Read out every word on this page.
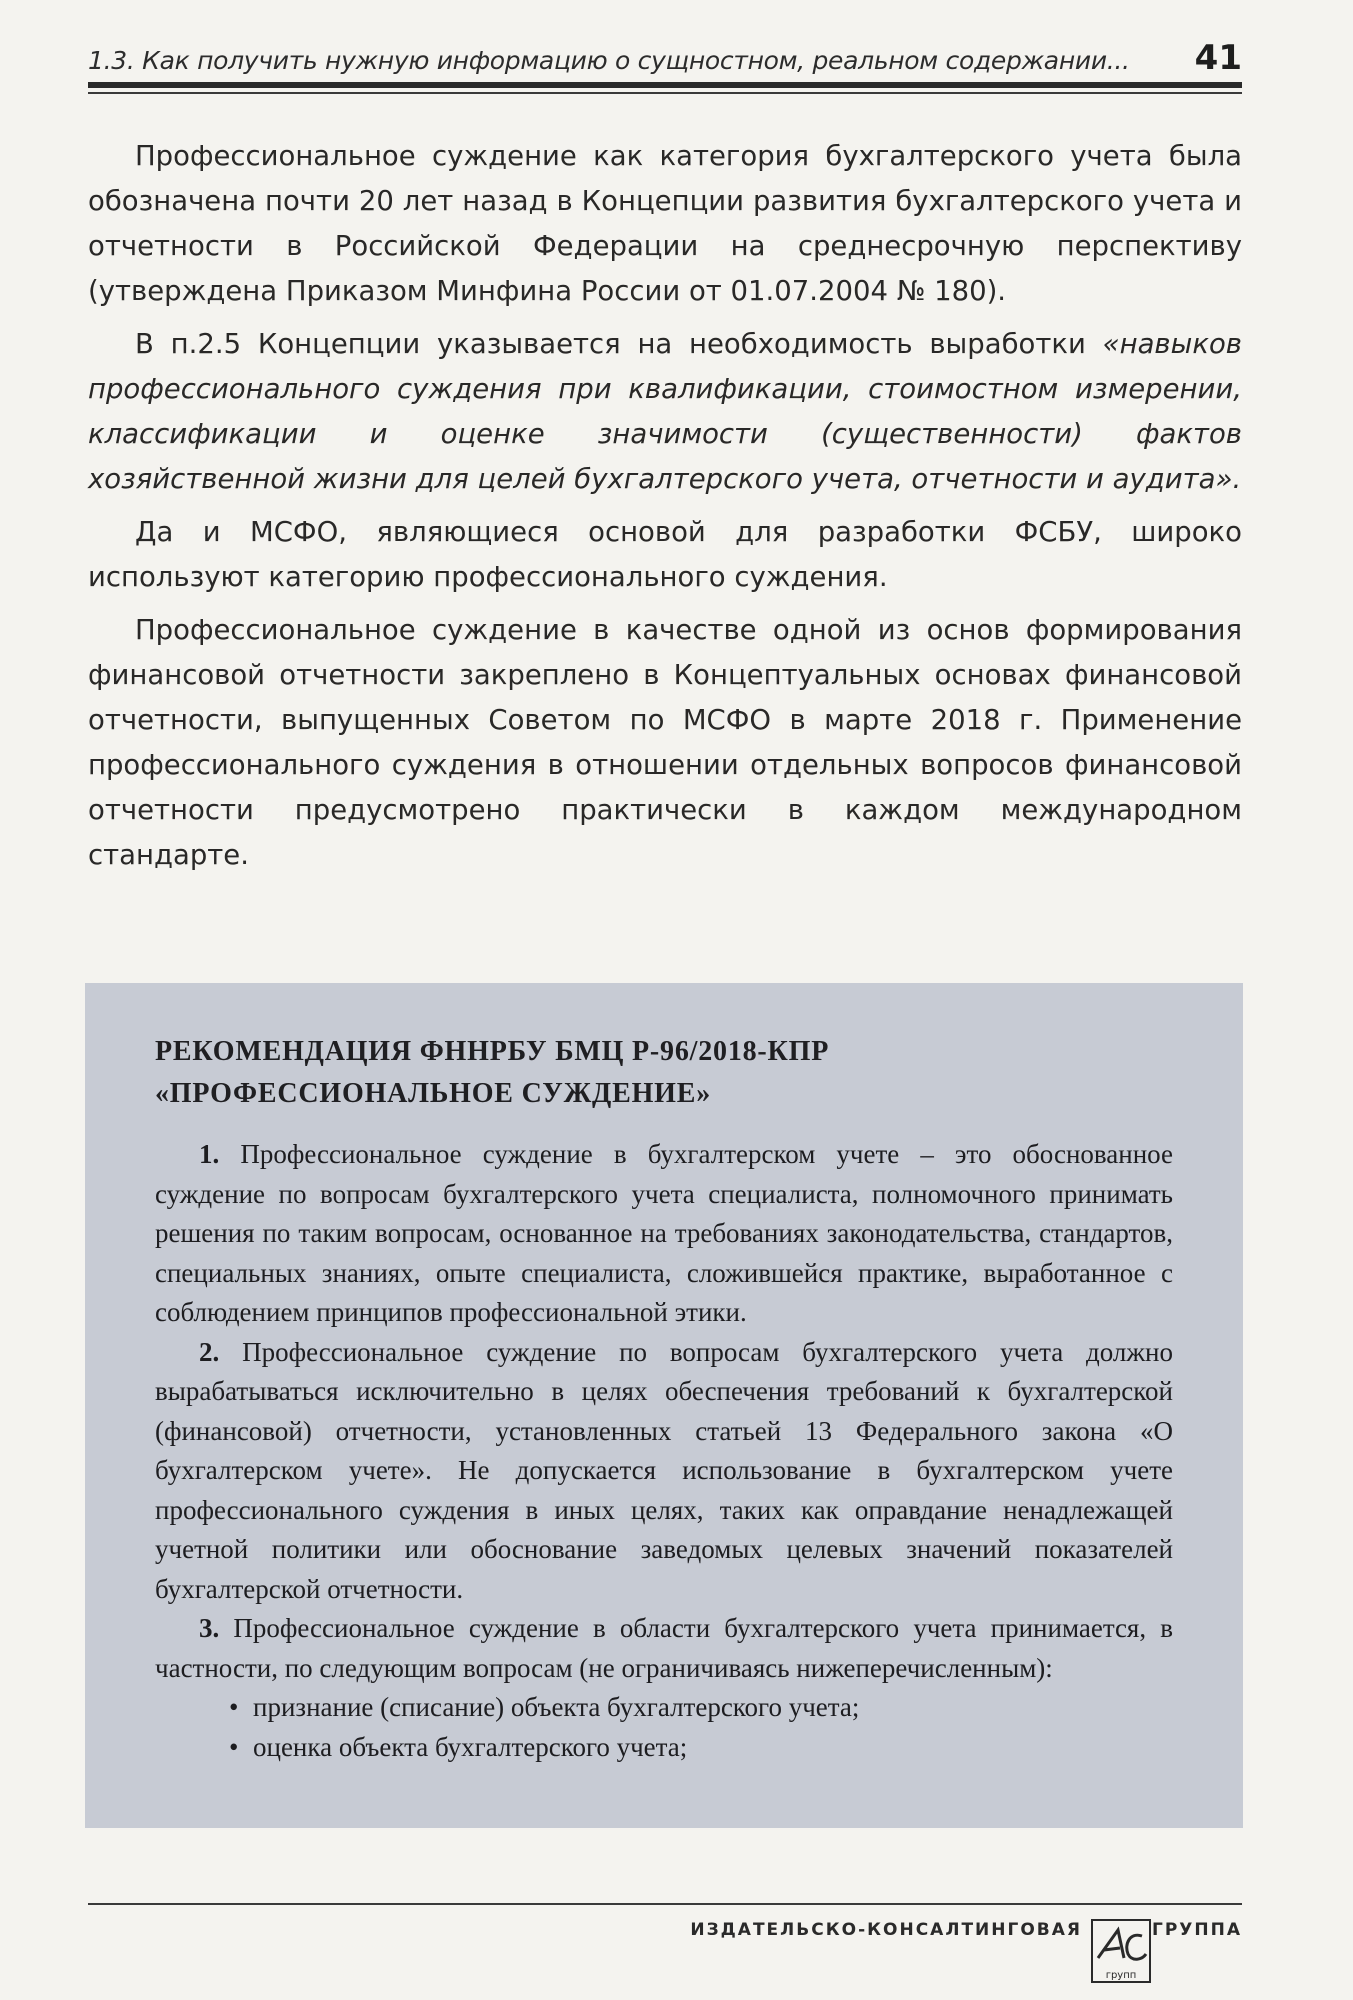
1.3. Как получить нужную информацию о сущностном, реальном содержании... 41

Профессиональное суждение как категория бухгалтерского учета была обозначена почти 20 лет назад в Концепции развития бухгалтерского учета и отчетности в Российской Федерации на среднесрочную перспективу (утверждена Приказом Минфина России от 01.07.2004 № 180).

В п.2.5 Концепции указывается на необходимость выработки «навыков профессионального суждения при квалификации, стоимостном измерении, классификации и оценке значимости (существенности) фактов хозяйственной жизни для целей бухгалтерского учета, отчетности и аудита».

Да и МСФО, являющиеся основой для разработки ФСБУ, широко используют категорию профессионального суждения.

Профессиональное суждение в качестве одной из основ формирования финансовой отчетности закреплено в Концептуальных основах финансовой отчетности, выпущенных Советом по МСФО в марте 2018 г. Применение профессионального суждения в отношении отдельных вопросов финансовой отчетности предусмотрено практически в каждом международном стандарте.

РЕКОМЕНДАЦИЯ ФННРБУ БМЦ Р-96/2018-КПР
«ПРОФЕССИОНАЛЬНОЕ СУЖДЕНИЕ»

1. Профессиональное суждение в бухгалтерском учете – это обоснованное суждение по вопросам бухгалтерского учета специалиста, полномочного принимать решения по таким вопросам, основанное на требованиях законодательства, стандартов, специальных знаниях, опыте специалиста, сложившейся практике, выработанное с соблюдением принципов профессиональной этики.

2. Профессиональное суждение по вопросам бухгалтерского учета должно вырабатываться исключительно в целях обеспечения требований к бухгалтерской (финансовой) отчетности, установленных статьей 13 Федерального закона «О бухгалтерском учете». Не допускается использование в бухгалтерском учете профессионального суждения в иных целях, таких как оправдание ненадлежащей учетной политики или обоснование заведомых целевых значений показателей бухгалтерской отчетности.

3. Профессиональное суждение в области бухгалтерского учета принимается, в частности, по следующим вопросам (не ограничиваясь нижеперечисленным):

• признание (списание) объекта бухгалтерского учета;
• оценка объекта бухгалтерского учета;
ИЗДАТЕЛЬСКО-КОНСАЛТИНГОВАЯ
групп
ГРУППА
